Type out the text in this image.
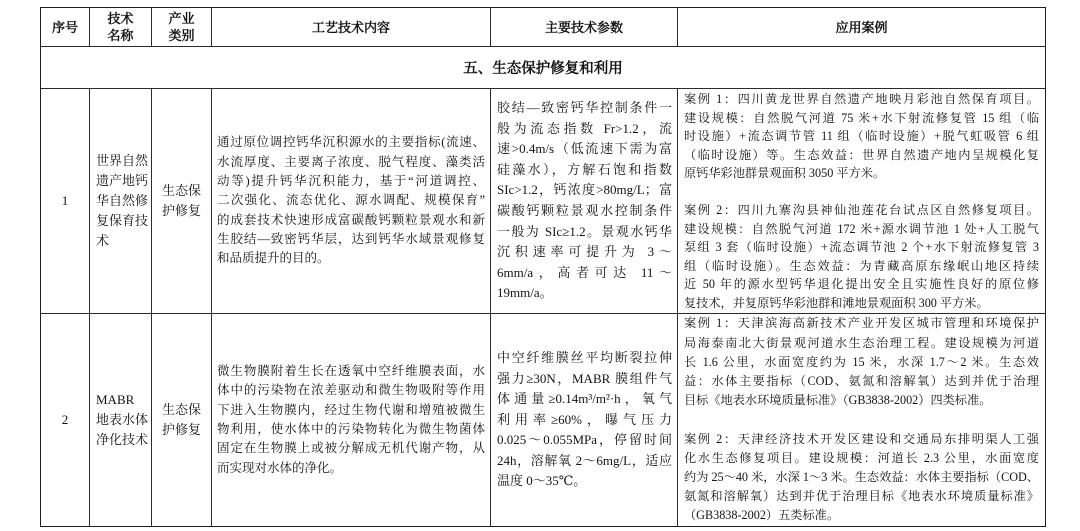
序号
技术
名称
产业
类别
工艺技术内容	主要技术参数	应用案例
五、生态保护修复和利用
1
世界自然
遗产地钙
华自然修
复保育技
术
生态保
护修复
通过原位调控钙华沉积源水的主要指标(流速、
水流厚度、主要离子浓度、脱气程度、藻类活
动等)提升钙华沉积能力，基于“河道调控、
二次强化、流态优化、源水调配、规模保育”
的成套技术快速形成富碳酸钙颗粒景观水和新
生胶结—致密钙华层，达到钙华水域景观修复
和品质提升的目的。
胶结—致密钙华控制条件一
般为流态指数 Fr>1.2，流
速>0.4m/s（低流速下需为富
硅藻水），方解石饱和指数
SIc>1.2，钙浓度>80mg/L；富
碳酸钙颗粒景观水控制条件
一般为 SIc≥1.2。景观水钙华
沉积速率可提升为 3～
6mm/a，高者可达 11～
19mm/a。
案例 1：四川黄龙世界自然遗产地映月彩池自然保育项目。
建设规模：自然脱气河道 75 米+水下射流修复管 15 组（临
时设施）+流态调节管 11 组（临时设施）+脱气虹吸管 6 组
（临时设施）等。生态效益：世界自然遗产地内呈规模化复
原钙华彩池群景观面积 3050 平方米。
案例 2：四川九寨沟县神仙池莲花台试点区自然修复项目。
建设规模：自然脱气河道 172 米+源水调节池 1 处+人工脱气
泵组 3 套（临时设施）+流态调节池 2 个+水下射流修复管 3
组（临时设施）。生态效益：为青藏高原东缘岷山地区持续
近 50 年的源水型钙华退化提出安全且实施性良好的原位修
复技术，并复原钙华彩池群和滩地景观面积 300 平方米。
2
MABR
地表水体
净化技术
生态保
护修复
微生物膜附着生长在透氧中空纤维膜表面，水
体中的污染物在浓差驱动和微生物吸附等作用
下进入生物膜内，经过生物代谢和增殖被微生
物利用，使水体中的污染物转化为微生物菌体
固定在生物膜上或被分解成无机代谢产物，从
而实现对水体的净化。
中空纤维膜丝平均断裂拉伸
强力≥30N，MABR 膜组件气
体通量≥0.14m³/m²·h，氧气
利用率≥60%，曝气压力
0.025～0.055MPa，停留时间
24h，溶解氧 2～6mg/L，适应
温度 0～35℃。
案例 1：天津滨海高新技术产业开发区城市管理和环境保护
局海泰南北大街景观河道水生态治理工程。建设规模为河道
长 1.6 公里，水面宽度约为 15 米，水深 1.7～2 米。生态效
益：水体主要指标（COD、氨氮和溶解氧）达到并优于治理
目标《地表水环境质量标准》（GB3838-2002）四类标准。
案例 2：天津经济技术开发区建设和交通局东排明渠人工强
化水生态修复项目。建设规模：河道长 2.3 公里，水面宽度
约为 25～40 米，水深 1～3 米。生态效益：水体主要指标（COD、
氨氮和溶解氧）达到并优于治理目标《地表水环境质量标准》
（GB3838-2002）五类标准。
